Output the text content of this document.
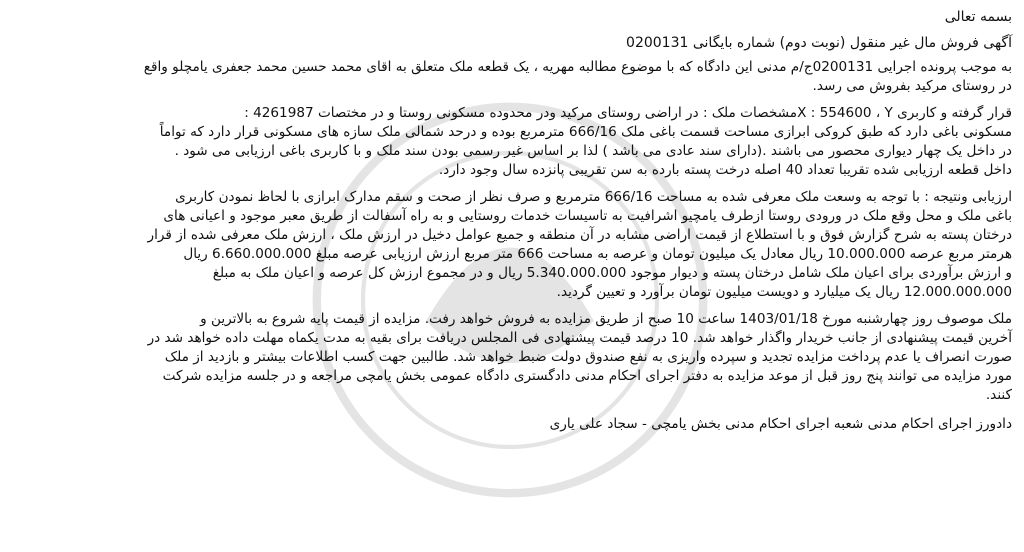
بسمه تعالی

آگهی فروش مال غیر منقول (نوبت دوم) شماره بایگانی 0200131

به موجب پرونده اجرایی 0200131ج/م مدنی این دادگاه که با موضوع مطالبه مهریه ، یک قطعه ملک متعلق به اقای محمد حسین محمد جعفری یامچلو واقع

در روستای مرکید بفروش می رسد.

قرار گرفته و کاربری X : 554600 ، Yمشخصات ملک : در اراضی روستای مرکید ودر محدوده مسکونی روستا و در مختصات 4261987 :

مسکونی باغی دارد که طبق کروکی ابرازی مساحت قسمت باغی ملک 666/16 مترمربع بوده و درحد شمالی ملک سازه های مسکونی قرار دارد که تواماً

در داخل یک چهار دیواری محصور می باشند .(دارای سند عادی می باشد ) لذا بر اساس غیر رسمی بودن سند ملک و با کاربری باغی ارزیابی می شود .

داخل قطعه ارزیابی شده تقریبا تعداد 40 اصله درخت پسته بارده به سن تقریبی پانزده سال وجود دارد.

ارزیابی ونتیجه : با توجه به وسعت ملک معرفی شده به مساحت 666/16 مترمربع و صرف نظر از صحت و سقم مدارک ابرازی با لحاظ نمودن کاربری

باغی ملک و محل وقع ملک در ورودی روستا ازطرف یامچیو اشرافیت به تاسیسات خدمات روستایی و به راه آسفالت از طریق معبر موجود و اعیانی های

درختان پسته به شرح گزارش فوق و با استطلاع از قیمت اراضی مشابه در آن منطقه و جمیع عوامل دخیل در ارزش ملک ، ارزش ملک معرفی شده از قرار

هرمتر مربع عرصه 10.000.000 ریال معادل یک میلیون تومان و عرصه به مساحت 666 متر مربع ارزش ارزیابی عرصه مبلغ 6.660.000.000 ریال

و ارزش برآوردی برای اعیان ملک شامل درختان پسته و دیوار موجود 5.340.000.000 ریال و در مجموع ارزش کل عرصه و اعیان ملک به مبلغ

12.000.000.000 ریال یک میلیارد و دویست میلیون تومان برآورد و تعیین گردید.

ملک موصوف روز چهارشنبه مورخ 1403/01/18 ساعت 10 صبح از طریق مزایده به فروش خواهد رفت. مزایده از قیمت پایه شروع به بالاترین و

آخرین قیمت پیشنهادی از جانب خریدار واگذار خواهد شد. 10 درصد قیمت پیشنهادی فی المجلس دریافت برای بقیه به مدت یکماه مهلت داده خواهد شد در

صورت انصراف یا عدم پرداخت مزایده تجدید و سپرده واریزی به نفع صندوق دولت ضبط خواهد شد. طالبین جهت کسب اطلاعات بیشتر و بازدید از ملک

مورد مزایده می توانند پنج روز قبل از موعد مزایده به دفتر اجرای احکام مدنی دادگستری دادگاه عمومی بخش یامچی مراجعه و در جلسه مزایده شرکت

کنند.

دادورز اجرای احکام مدنی شعبه اجرای احکام مدنی بخش یامچی - سجاد علی یاری
